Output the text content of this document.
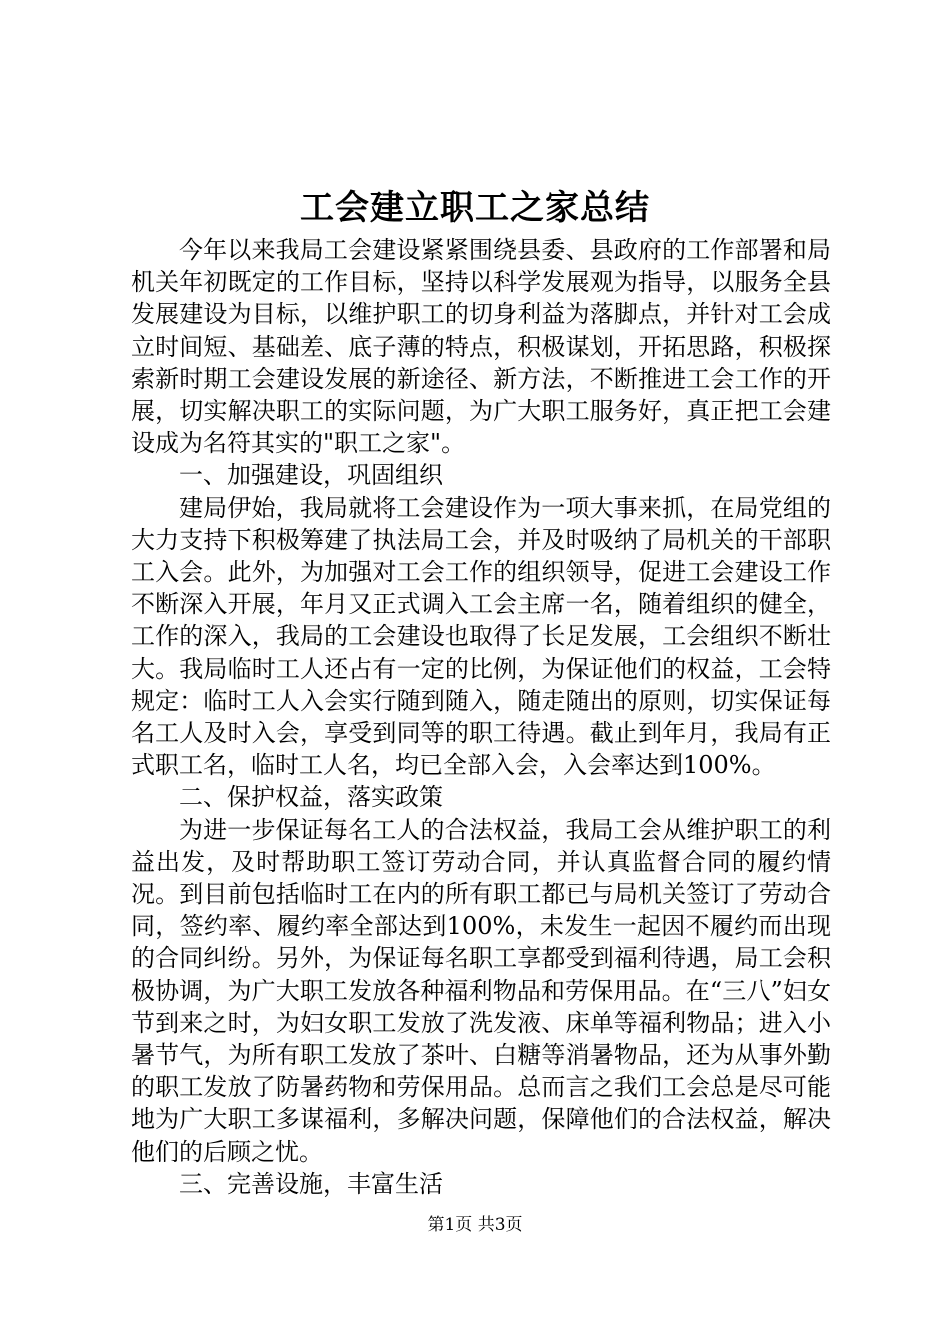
工会建立职工之家总结

今年以来我局工会建设紧紧围绕县委、县政府的工作部署和局机关年初既定的工作目标，坚持以科学发展观为指导，以服务全县发展建设为目标，以维护职工的切身利益为落脚点，并针对工会成立时间短、基础差、底子薄的特点，积极谋划，开拓思路，积极探索新时期工会建设发展的新途径、新方法，不断推进工会工作的开展，切实解决职工的实际问题，为广大职工服务好，真正把工会建设成为名符其实的"职工之家"。

一、加强建设，巩固组织

建局伊始，我局就将工会建设作为一项大事来抓，在局党组的大力支持下积极筹建了执法局工会，并及时吸纳了局机关的干部职工入会。此外，为加强对工会工作的组织领导，促进工会建设工作不断深入开展，年月又正式调入工会主席一名，随着组织的健全，工作的深入，我局的工会建设也取得了长足发展，工会组织不断壮大。我局临时工人还占有一定的比例，为保证他们的权益，工会特规定：临时工人入会实行随到随入，随走随出的原则，切实保证每名工人及时入会，享受到同等的职工待遇。截止到年月，我局有正式职工名，临时工人名，均已全部入会，入会率达到100%。

二、保护权益，落实政策

为进一步保证每名工人的合法权益，我局工会从维护职工的利益出发，及时帮助职工签订劳动合同，并认真监督合同的履约情况。到目前包括临时工在内的所有职工都已与局机关签订了劳动合同，签约率、履约率全部达到100%，未发生一起因不履约而出现的合同纠纷。另外，为保证每名职工享都受到福利待遇，局工会积极协调，为广大职工发放各种福利物品和劳保用品。在“三八”妇女节到来之时，为妇女职工发放了洗发液、床单等福利物品；进入小暑节气，为所有职工发放了茶叶、白糖等消暑物品，还为从事外勤的职工发放了防暑药物和劳保用品。总而言之我们工会总是尽可能地为广大职工多谋福利，多解决问题，保障他们的合法权益，解决他们的后顾之忧。

三、完善设施，丰富生活

第1页 共3页
